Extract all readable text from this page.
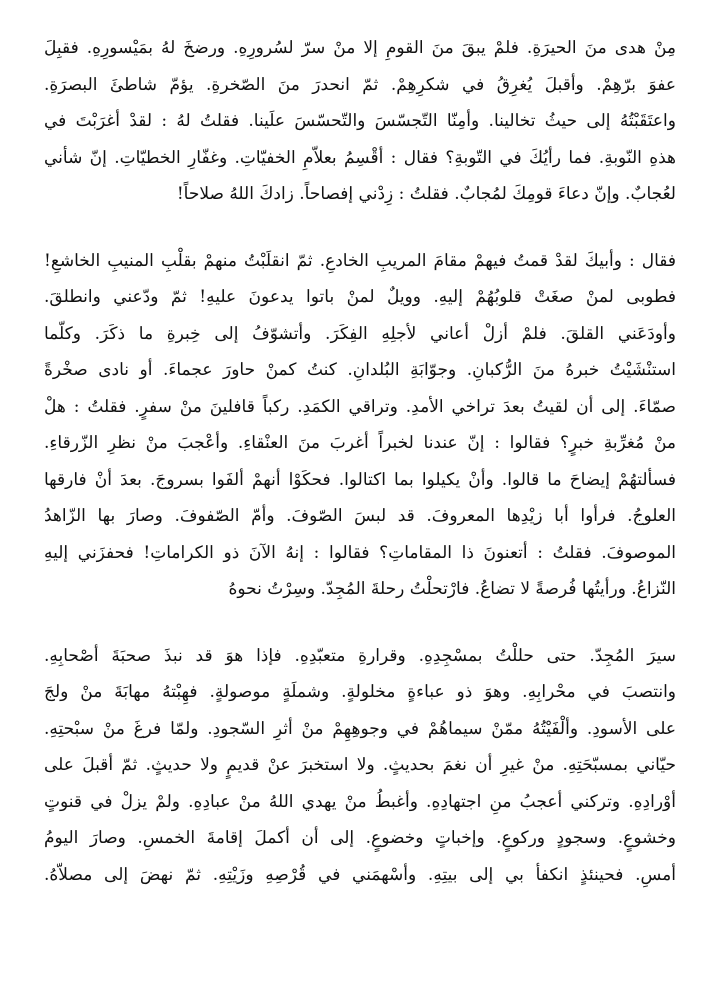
مِنْ هدى منَ الحيرَةِ. فلمْ يبقَ منَ القومِ إلا منْ سرّ لسُرورِهِ. ورضخَ لهُ بمَيْسورِهِ. فقبِلَ
عفوَ برّهِمْ. وأقبلَ يُغرِقُ في شكرِهِمْ. ثمّ انحدرَ منَ الصّخرةِ. يؤمّ شاطئَ البصرَةِ.
واعتَقَبْتُهُ إلى حيثُ تخالينا. وأمِنّا التّجسّسَ والتّحسّسَ علَينا. فقلتُ لهُ : لقدْ أغرَبْتَ في
هذهِ النّوبةِ. فما رأيُكَ في التّوبةِ؟ فقال : أقْسِمُ بعلاّمِ الخفيّاتِ. وغفّارِ الخطيّاتِ. إنّ شأني
لعُجابٌ. وإنّ دعاءَ قومِكَ لمُجابٌ. فقلتُ : زِدْني إفصاحاً. زادكَ اللهُ صلاحاً!
فقال : وأبيكَ لقدْ قمتُ فيهمْ مقامَ المريبِ الخادعِ. ثمّ انقلَبْتُ منهمْ بقلْبِ المنيبِ الخاشعِ!
فطوبى لمنْ صغَتْ قلوبُهُمْ إليهِ. وويلٌ لمنْ باتوا يدعونَ عليهِ! ثمّ ودّعني وانطلقَ.
وأودَعَني القلقَ. فلمْ أزلْ أعاني لأجلِهِ الفِكَرَ. وأتشوّفُ إلى خِبرةِ ما ذكَرَ. وكلّما
استنْشَيْتُ خبرهُ منَ الرُّكبانِ. وجوّابَةِ البُلدانِ. كنتُ كمنْ حاورَ عجماءَ. أو نادى صخْرةً
صمّاءَ. إلى أن لقيتُ بعدَ تراخي الأمدِ. وتراقي الكمَدِ. ركباً قافلينَ منْ سفرٍ. فقلتُ : هلْ
منْ مُغرِّبةِ خبرٍ؟ فقالوا : إنّ عندنا لخبراً أغربَ منَ العنْقاءِ. وأعْجبَ منْ نظرِ الزّرقاءِ.
فسألتهُمْ إيضاحَ ما قالوا. وأنْ يكيلوا بما اكتالوا. فحكَوْا أنهمْ ألفَوا بسروجَ. بعدَ أنْ فارقها
العلوجُ. فرأوا أبا زيْدِها المعروفَ. قد لبسَ الصّوفَ. وأمّ الصّفوفَ. وصارَ بها الزّاهدُ
الموصوفَ. فقلتُ : أتعنونَ ذا المقاماتِ؟ فقالوا : إنهُ الآنَ ذو الكراماتِ! فحفزَني إليهِ
النّزاعُ. ورأيتُها فُرصةً لا تضاعُ. فارْتحلْتُ رحلةَ المُجِدّ. وسِرْتُ نحوهُ
سيرَ المُجِدّ. حتى حللْتُ بمسْجِدِهِ. وقرارةِ متعبّدِهِ. فإذا هوَ قد نبذَ صحبَةَ أصْحابِهِ.
وانتصبَ في محْرابِهِ. وهوَ ذو عباءةٍ مخلولةٍ. وشملَةٍ موصولةٍ. فهِبْتهُ مهابَةَ منْ ولجَ
على الأسودِ. وألْفَيْتُهُ ممّنْ سيماهُمْ في وجوهِهِمْ منْ أثرِ السّجودِ. ولمّا فرغَ منْ سبْحتِهِ.
حيّاني بمسبّحَتِهِ. منْ غيرِ أن نغمَ بحديثٍ. ولا استخبرَ عنْ قديمٍ ولا حديثٍ. ثمّ أقبلَ على
أوْرادِهِ. وتركني أعجبُ منِ اجتهادِهِ. وأغبطُ منْ يهدي اللهُ منْ عبادِهِ. ولمْ يزلْ في قنوتٍ
وخشوعٍ. وسجودٍ وركوعٍ. وإخباتٍ وخضوعٍ. إلى أن أكملَ إقامةَ الخمسِ. وصارَ اليومُ
أمسِ. فحينئذٍ انكفأ بي إلى بيتِهِ. وأسْهمَني في قُرْصِهِ وزَيْتِهِ. ثمّ نهضَ إلى مصلاّهُ.
